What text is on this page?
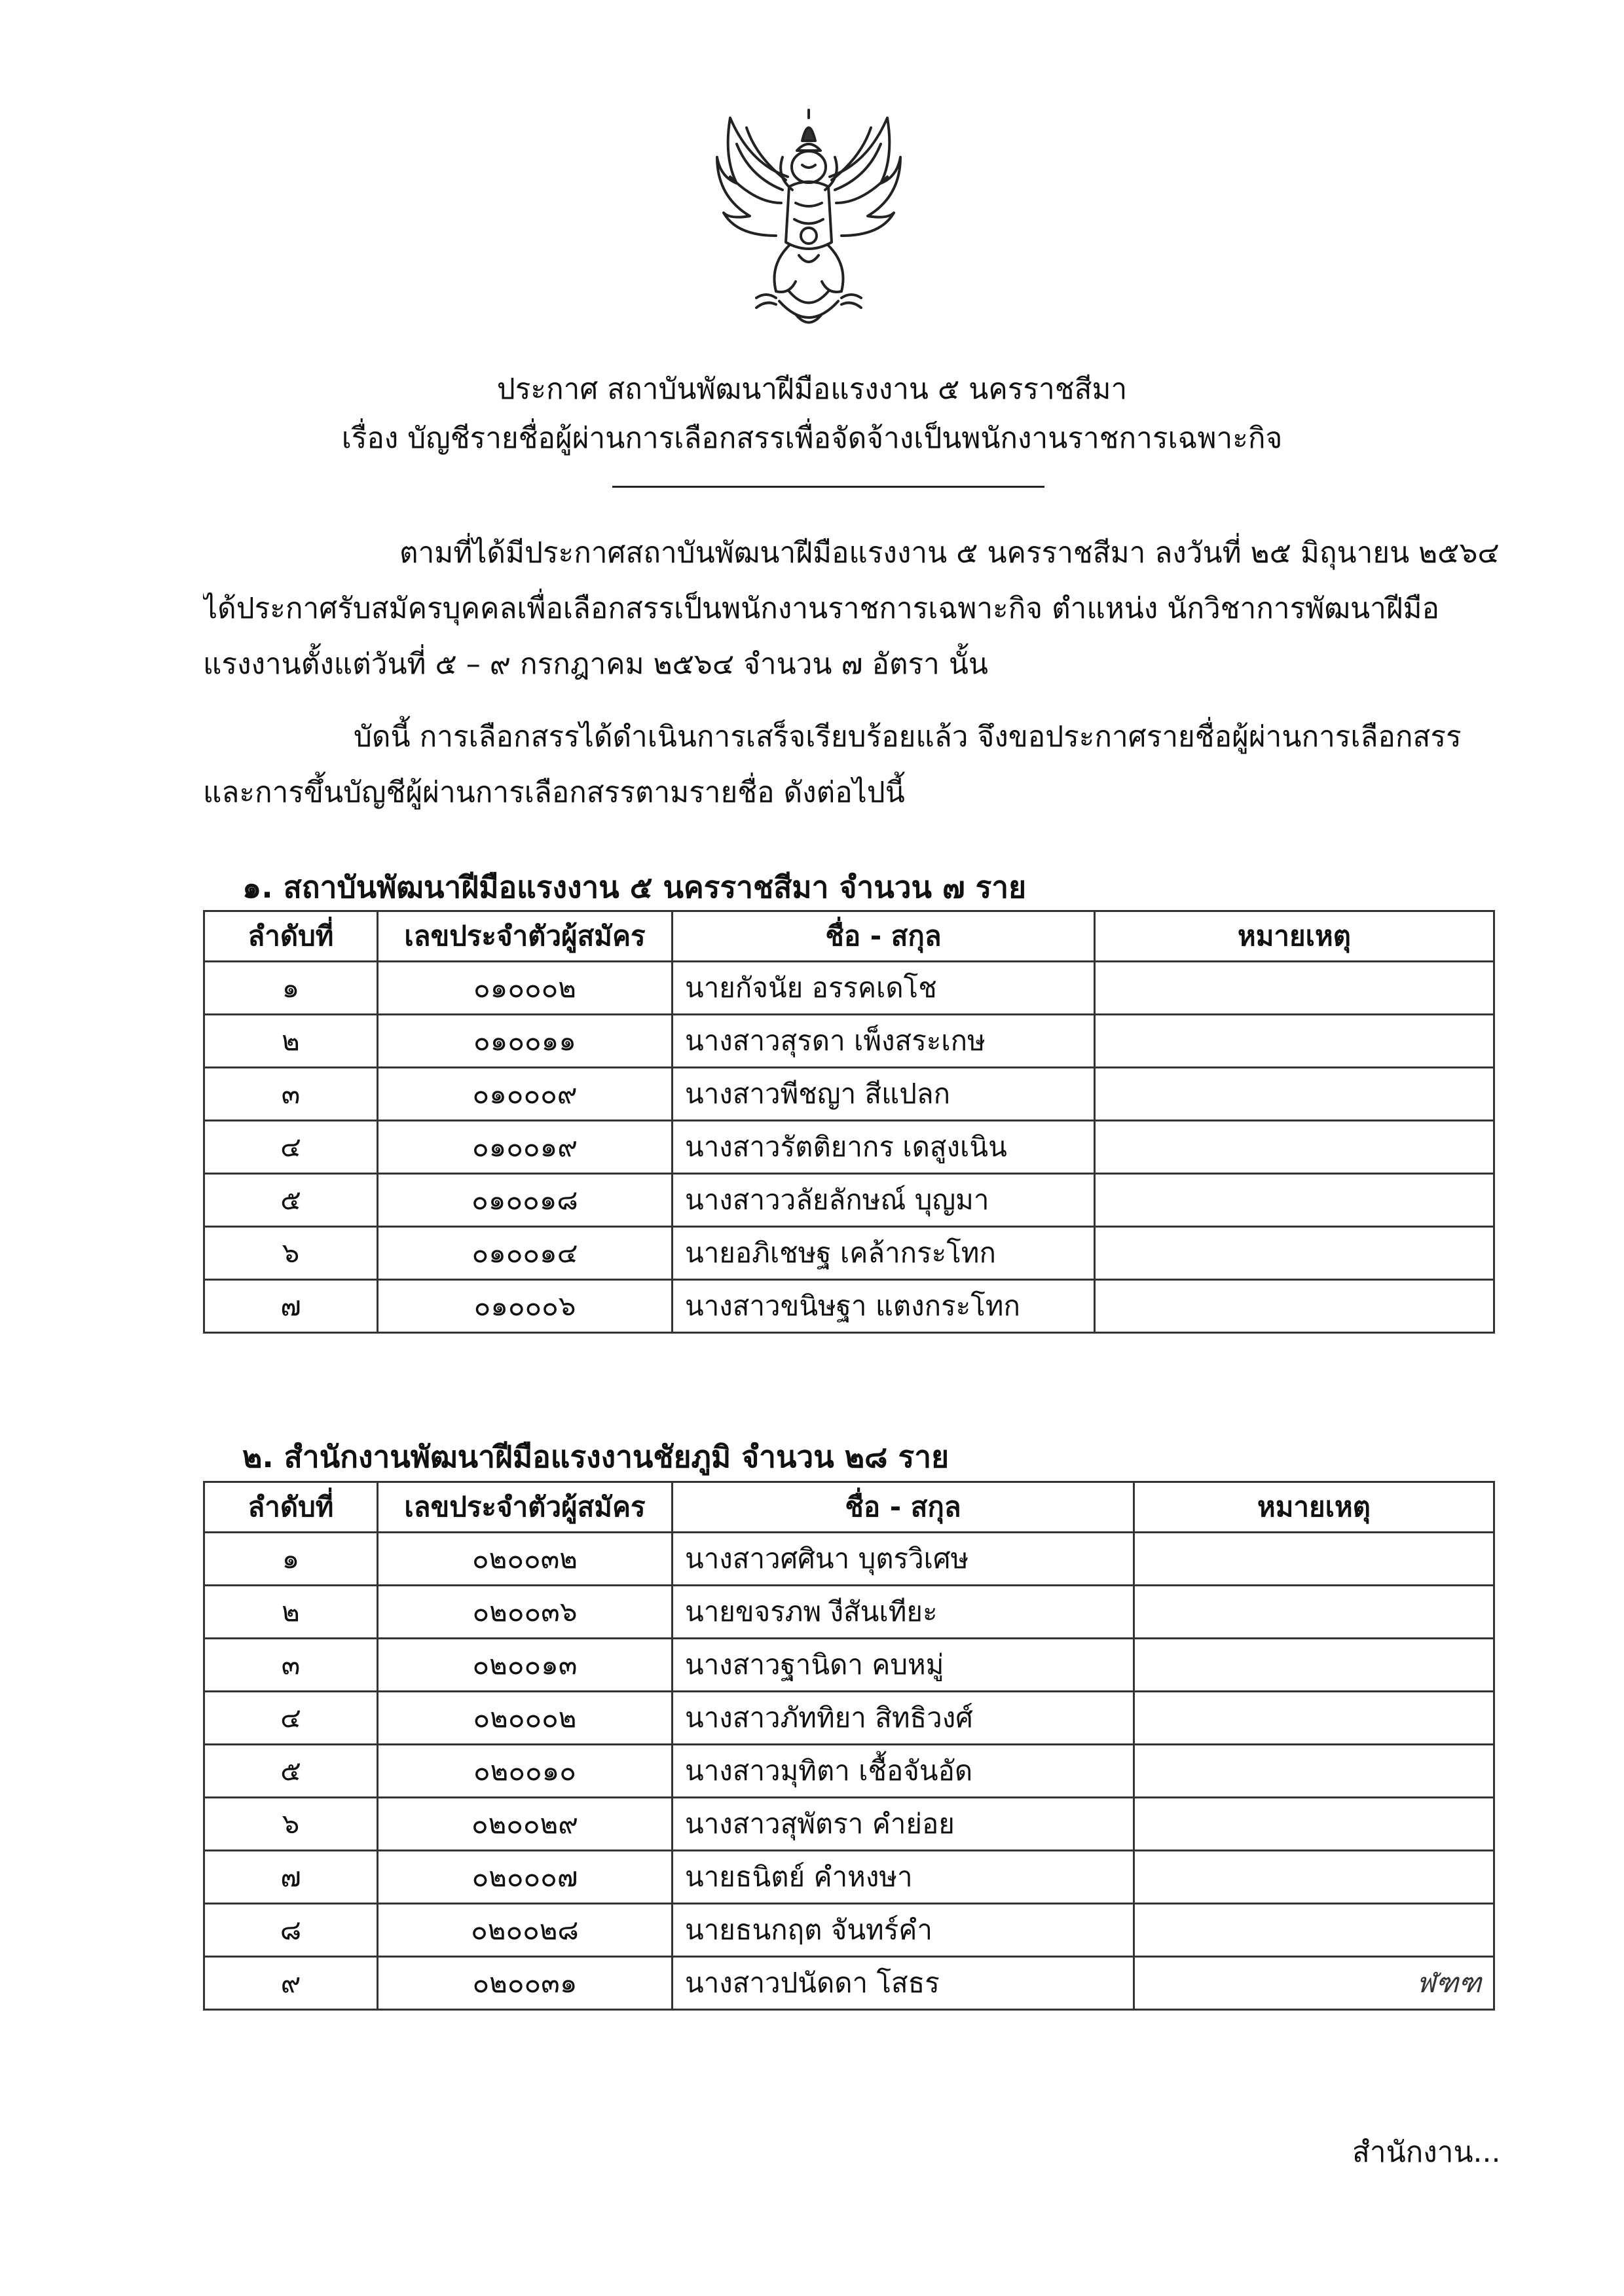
ประกาศ สถาบันพัฒนาฝีมือแรงงาน ๕ นครราชสีมา
เรื่อง บัญชีรายชื่อผู้ผ่านการเลือกสรรเพื่อจัดจ้างเป็นพนักงานราชการเฉพาะกิจ
ตามที่ได้มีประกาศสถาบันพัฒนาฝีมือแรงงาน ๕ นครราชสีมา ลงวันที่ ๒๕ มิถุนายน ๒๕๖๔
ได้ประกาศรับสมัครบุคคลเพื่อเลือกสรรเป็นพนักงานราชการเฉพาะกิจ ตำแหน่ง นักวิชาการพัฒนาฝีมือ
แรงงานตั้งแต่วันที่ ๕ – ๙ กรกฎาคม ๒๕๖๔ จำนวน ๗ อัตรา นั้น
บัดนี้ การเลือกสรรได้ดำเนินการเสร็จเรียบร้อยแล้ว จึงขอประกาศรายชื่อผู้ผ่านการเลือกสรร
และการขึ้นบัญชีผู้ผ่านการเลือกสรรตามรายชื่อ ดังต่อไปนี้
๑. สถาบันพัฒนาฝีมือแรงงาน ๕ นครราชสีมา จำนวน ๗ ราย
ลำดับที่	เลขประจำตัวผู้สมัคร	ชื่อ - สกุล	หมายเหตุ
๑	๐๑๐๐๐๒	นายกัจนัย อรรคเดโช	
๒	๐๑๐๐๑๑	นางสาวสุรดา เพ็งสระเกษ	
๓	๐๑๐๐๐๙	นางสาวพีชญา สีแปลก	
๔	๐๑๐๐๑๙	นางสาวรัตติยากร เดสูงเนิน	
๕	๐๑๐๐๑๘	นางสาววลัยลักษณ์ บุญมา	
๖	๐๑๐๐๑๔	นายอภิเชษฐ เคล้ากระโทก	
๗	๐๑๐๐๐๖	นางสาวขนิษฐา แตงกระโทก	
๒. สำนักงานพัฒนาฝีมือแรงงานชัยภูมิ จำนวน ๒๘ ราย
ลำดับที่	เลขประจำตัวผู้สมัคร	ชื่อ - สกุล	หมายเหตุ
๑	๐๒๐๐๓๒	นางสาวศศินา บุตรวิเศษ	
๒	๐๒๐๐๓๖	นายขจรภพ งีสันเทียะ	
๓	๐๒๐๐๑๓	นางสาวฐานิดา คบหมู่	
๔	๐๒๐๐๐๒	นางสาวภัททิยา สิทธิวงศ์	
๕	๐๒๐๐๑๐	นางสาวมุทิตา เชื้อจันอัด	
๖	๐๒๐๐๒๙	นางสาวสุพัตรา คำย่อย	
๗	๐๒๐๐๐๗	นายธนิตย์ คำหงษา	
๘	๐๒๐๐๒๘	นายธนกฤต จันทร์คำ	
๙	๐๒๐๐๓๑	นางสาวปนัดดา โสธร	ฬฑฑ
สำนักงาน...
